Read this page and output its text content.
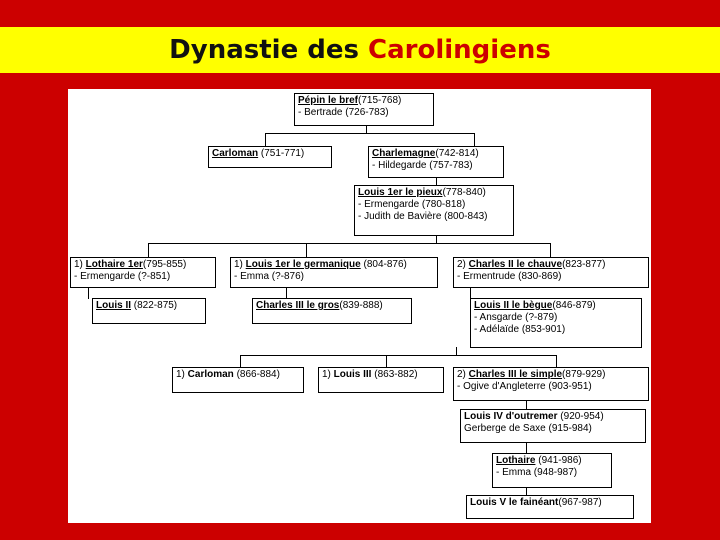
Dynastie des Carolingiens
Pépin le bref(715-768)
- Bertrade (726-783)
Carloman (751-771)	Charlemagne(742-814)
- Hildegarde (757-783)
Louis 1er le pieux(778-840)
- Ermengarde (780-818)
- Judith de Bavière (800-843)
1) Lothaire 1er(795-855)
- Ermengarde (?-851)
1) Louis 1er le germanique (804-876)
- Emma (?-876)
2) Charles II le chauve(823-877)
- Ermentrude (830-869)
Louis II (822-875)	Charles III le gros(839-888)	Louis II le bègue(846-879)
- Ansgarde (?-879)
- Adélaïde (853-901)
1) Carloman (866-884)	1) Louis III (863-882)	2) Charles III le simple(879-929)
- Ogive d'Angleterre (903-951)
Louis IV d'outremer (920-954)
Gerberge de Saxe (915-984)
Lothaire (941-986)
- Emma (948-987)
Louis V le fainéant(967-987)
